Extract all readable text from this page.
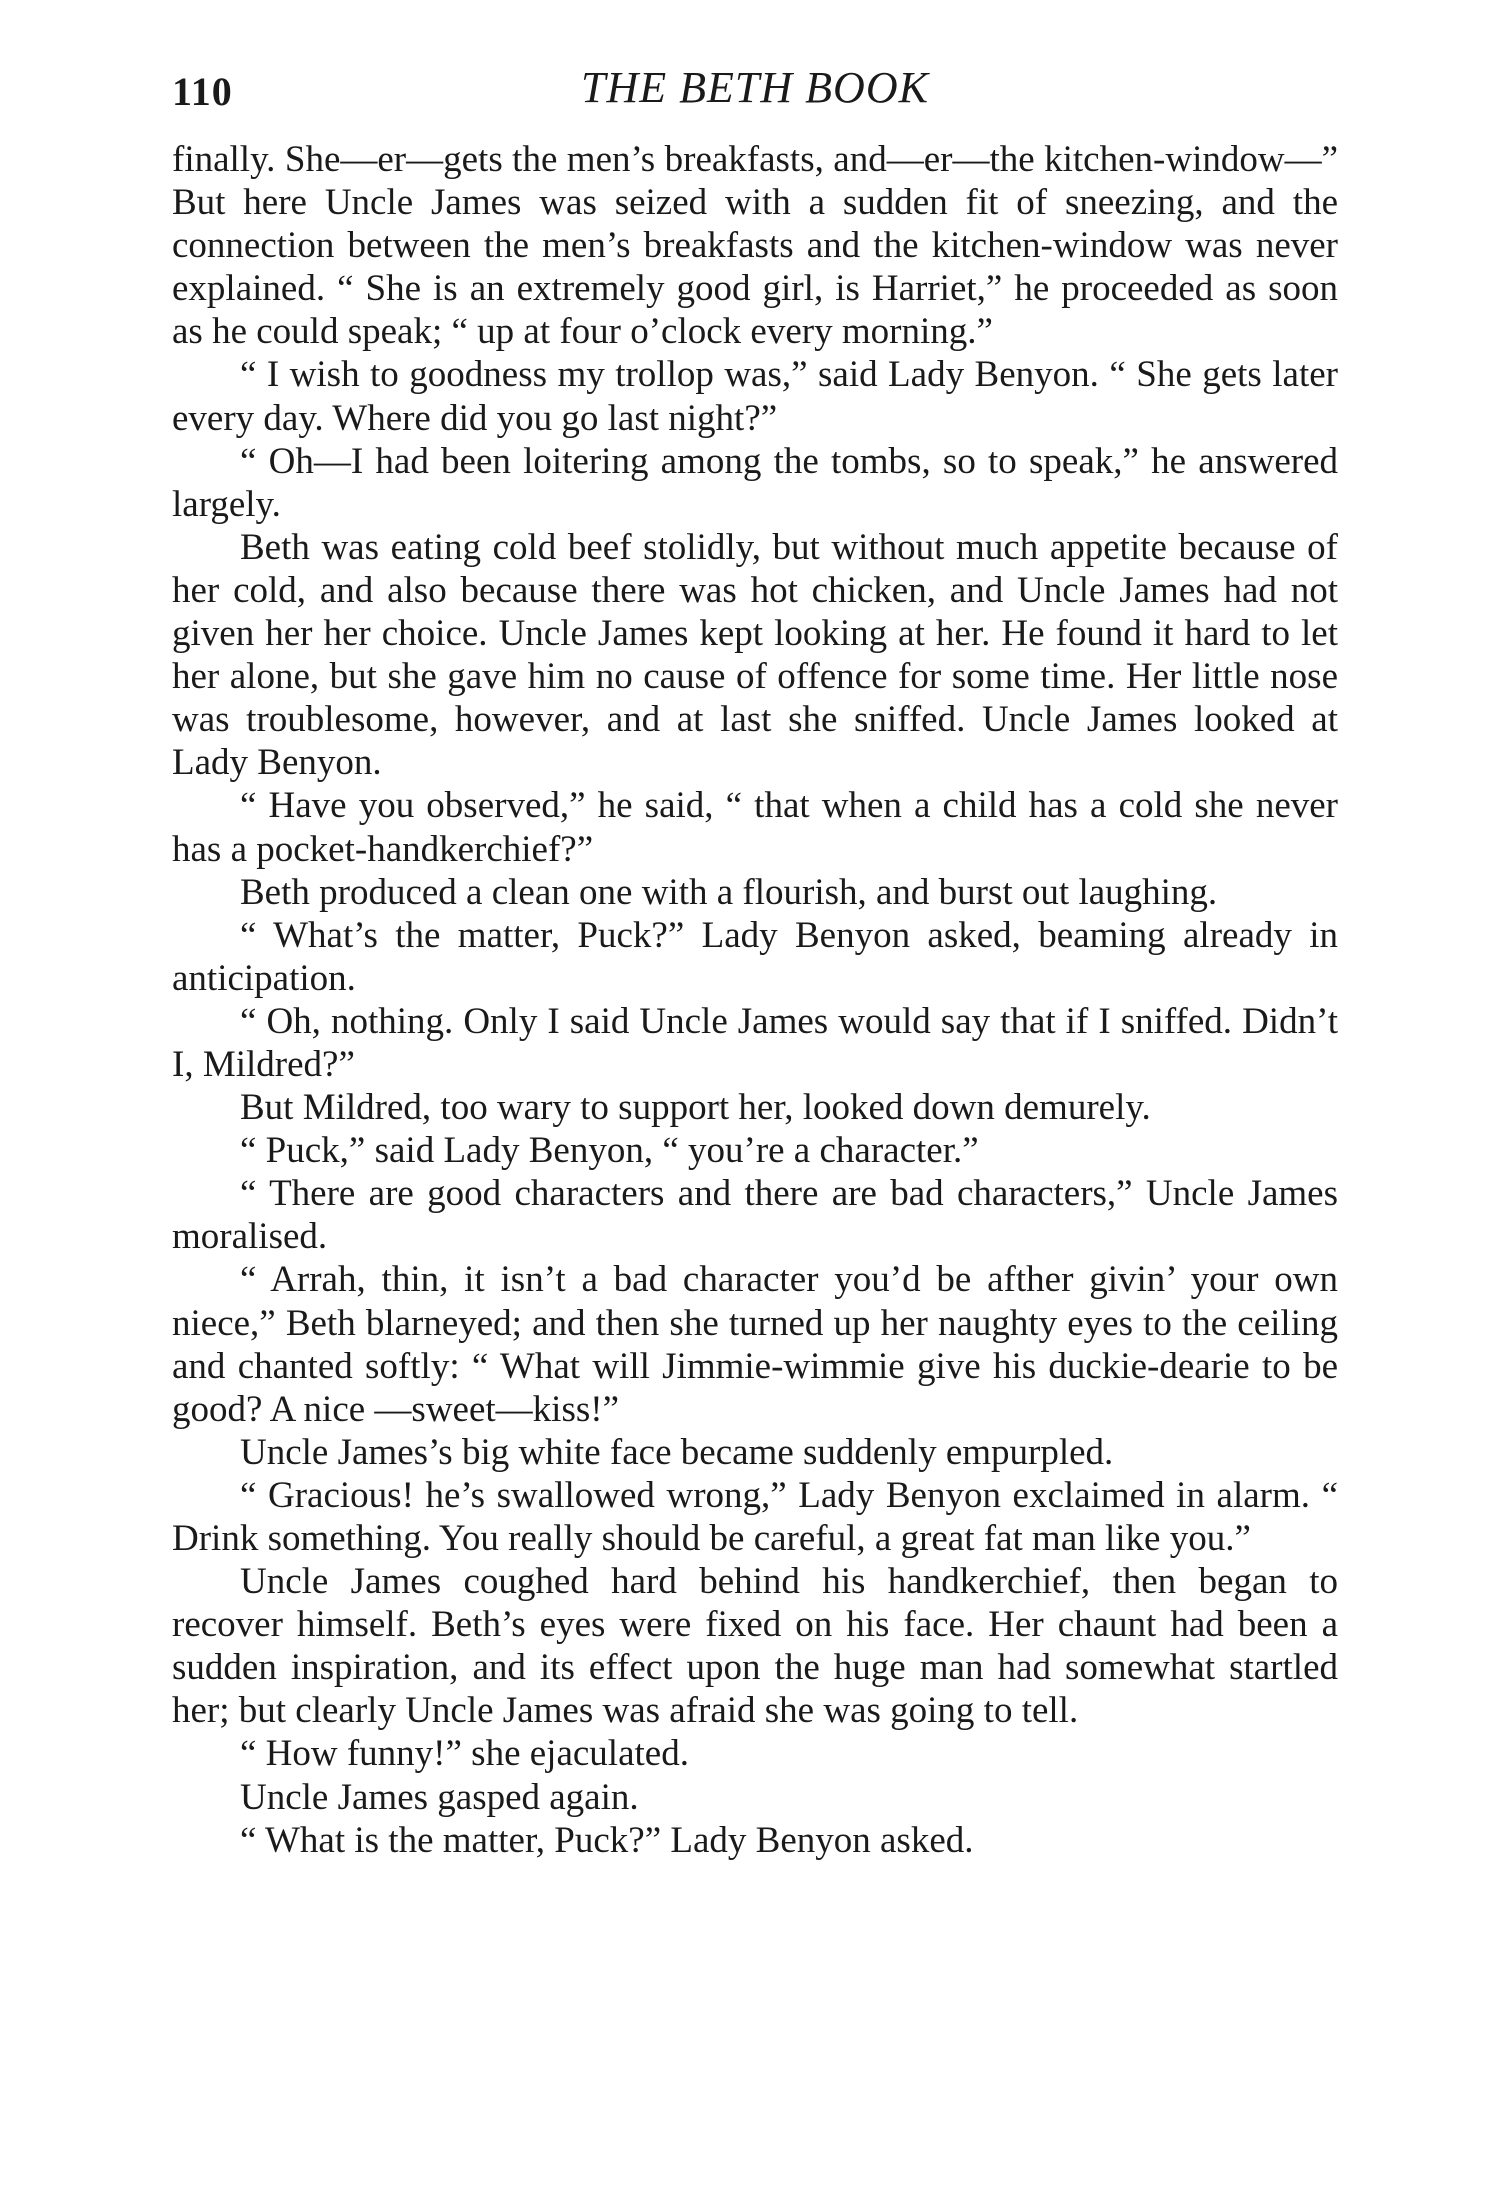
110	THE BETH BOOK

finally. She—er—gets the men’s breakfasts, and—er—the kitchen-window—” But here Uncle James was seized with a sudden fit of sneezing, and the connection between the men’s breakfasts and the kitchen-window was never explained. “ She is an extremely good girl, is Harriet,” he proceeded as soon as he could speak; “ up at four o’clock every morning.”

“ I wish to goodness my trollop was,” said Lady Benyon. “ She gets later every day. Where did you go last night?”

“ Oh—I had been loitering among the tombs, so to speak,” he answered largely.

Beth was eating cold beef stolidly, but without much appetite because of her cold, and also because there was hot chicken, and Uncle James had not given her her choice. Uncle James kept looking at her. He found it hard to let her alone, but she gave him no cause of offence for some time. Her little nose was troublesome, however, and at last she sniffed. Uncle James looked at Lady Benyon.

“ Have you observed,” he said, “ that when a child has a cold she never has a pocket-handkerchief?”

Beth produced a clean one with a flourish, and burst out laughing.

“ What’s the matter, Puck?” Lady Benyon asked, beaming already in anticipation.

“ Oh, nothing. Only I said Uncle James would say that if I sniffed. Didn’t I, Mildred?”

But Mildred, too wary to support her, looked down demurely.

“ Puck,” said Lady Benyon, “ you’re a character.”

“ There are good characters and there are bad characters,” Uncle James moralised.

“ Arrah, thin, it isn’t a bad character you’d be afther givin’ your own niece,” Beth blarneyed; and then she turned up her naughty eyes to the ceiling and chanted softly: “ What will Jimmie-wimmie give his duckie-dearie to be good? A nice —sweet—kiss!”

Uncle James’s big white face became suddenly empurpled.

“ Gracious! he’s swallowed wrong,” Lady Benyon exclaimed in alarm. “ Drink something. You really should be careful, a great fat man like you.”

Uncle James coughed hard behind his handkerchief, then began to recover himself. Beth’s eyes were fixed on his face. Her chaunt had been a sudden inspiration, and its effect upon the huge man had somewhat startled her; but clearly Uncle James was afraid she was going to tell.

“ How funny!” she ejaculated.

Uncle James gasped again.

“ What is the matter, Puck?” Lady Benyon asked.
